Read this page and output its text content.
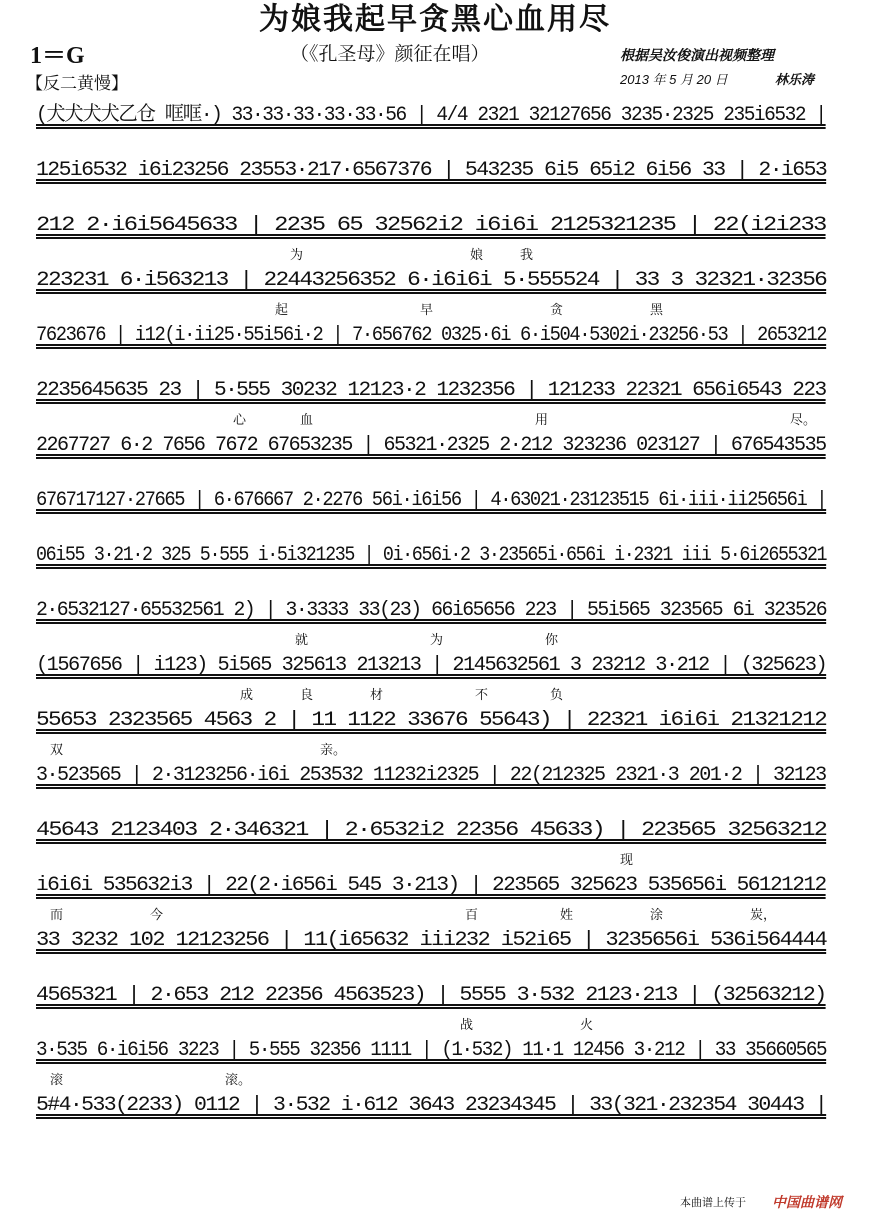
为娘我起早贪黑心血用尽
（《孔圣母》颜征在唱）
1＝G
【反二黄慢】
根据吴汝俊演出视频整理
2013 年 5 月 20 日	林乐涛
(犬犬犬犬乙仓 哐哐·) 33·33·33·33·33·56 | 4/4 2321 32127656 3235·2325 235i6532 |
125i6532 i6i23256 23553·217·6567376 | 543235 6i5 65i2 6i56 33 | 2·i653
212 2·i6i5645633 | 2235 65 32562i2 i6i6i 2125321235 | 22(i2i233
223231 6·i563213 | 22443256352 6·i6i6i 5·555524 | 33 3 32321·32356
7623676 | i12(i·ii25·55i56i·2 | 7·656762 0325·6i 6·i504·5302i·23256·53 | 2653212
2235645635 23 | 5·555 30232 12123·2 1232356 | 121233 22321 656i6543 223
2267727 6·2 7656 7672 67653235 | 65321·2325 2·212 323236 023127 | 676543535
676717127·27665 | 6·676667 2·2276 56i·i6i56 | 4·63021·23123515 6i·iii·ii25656i |
06i55 3·21·2 325 5·555 i·5i321235 | 0i·656i·2 3·23565i·656i i·2321 iii 5·6i2655321
2·6532127·65532561 2) | 3·3333 33(23) 66i65656 223 | 55i565 323565 6i 323526
(1567656 | i123) 5i565 325613 213213 | 2145632561 3 23212 3·212 | (325623)
55653 2323565 4563 2 | 11 1122 33676 55643) | 22321 i6i6i 21321212
3·523565 | 2·3123256·i6i 253532 11232i2325 | 22(212325 2321·3 201·2 | 32123
45643 2123403 2·346321 | 2·6532i2 22356 45633) | 223565 32563212
i6i6i 535632i3 | 22(2·i656i 545 3·213) | 223565 325623 535656i 56121212
33 3232 102 12123256 | 11(i65632 iii232 i52i65 | 3235656i 536i564444
4565321 | 2·653 212 22356 4563523) | 5555 3·532 2123·213 | (32563212)
3·535 6·i6i56 3223 | 5·555 32356 1111 | (1·532) 11·1 12456 3·212 | 33 35660565
5#4·533(2233) 0112 | 3·532 i·612 3643 23234345 | 33(321·232354 30443 |
本曲谱上传于 中国曲谱网
为	娘	我
起	早	贪	黑
心	血	用	尽。
就	为	你
成	良	材	不	负
双	亲。
现
而	今	百	姓	涂	炭，
战	火
滚	滚。
